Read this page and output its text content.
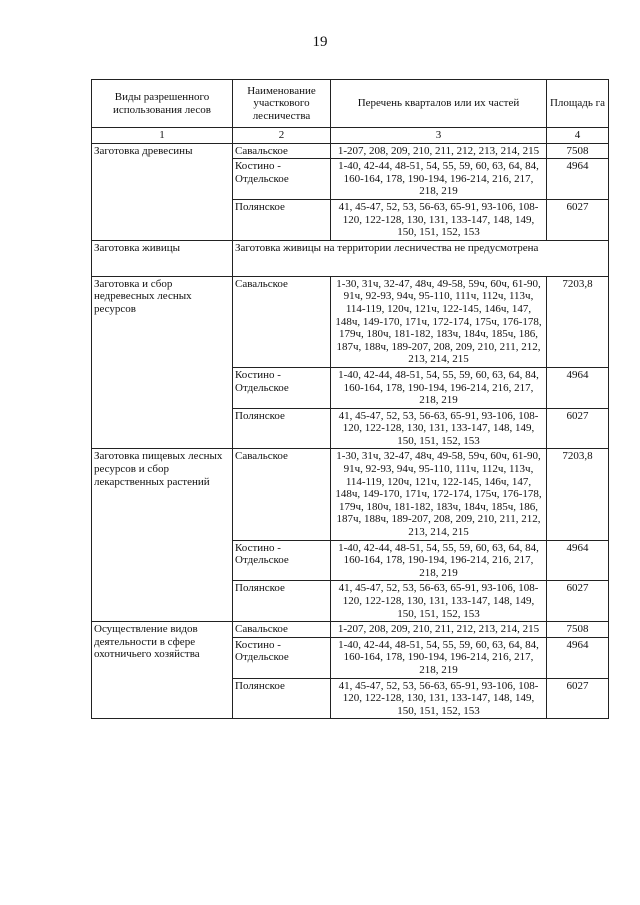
19
Виды разрешенного использования лесов	Наименование участкового лесничества	Перечень кварталов или их частей	Площадь га
1	2	3	4
Заготовка древесины	Савальское	1-207, 208, 209, 210, 211, 212, 213, 214, 215	7508
	Костино - Отдельское	1-40, 42-44, 48-51, 54, 55, 59, 60, 63, 64, 84, 160-164, 178, 190-194, 196-214, 216, 217, 218, 219	4964
	Полянское	41, 45-47, 52, 53, 56-63, 65-91, 93-106, 108-120, 122-128, 130, 131, 133-147, 148, 149, 150, 151, 152, 153	6027
Заготовка живицы	Заготовка живицы на территории лесничества не предусмотрена		
Заготовка и сбор недревесных лесных ресурсов	Савальское	1-30, 31ч, 32-47, 48ч, 49-58, 59ч, 60ч, 61-90, 91ч, 92-93, 94ч, 95-110, 111ч, 112ч, 113ч, 114-119, 120ч, 121ч, 122-145, 146ч, 147, 148ч, 149-170, 171ч, 172-174, 175ч, 176-178, 179ч, 180ч, 181-182, 183ч, 184ч, 185ч, 186, 187ч, 188ч, 189-207, 208, 209, 210, 211, 212, 213, 214, 215	7203,8
	Костино - Отдельское	1-40, 42-44, 48-51, 54, 55, 59, 60, 63, 64, 84, 160-164, 178, 190-194, 196-214, 216, 217, 218, 219	4964
	Полянское	41, 45-47, 52, 53, 56-63, 65-91, 93-106, 108-120, 122-128, 130, 131, 133-147, 148, 149, 150, 151, 152, 153	6027
Заготовка пищевых лесных ресурсов и сбор лекарственных растений	Савальское	1-30, 31ч, 32-47, 48ч, 49-58, 59ч, 60ч, 61-90, 91ч, 92-93, 94ч, 95-110, 111ч, 112ч, 113ч, 114-119, 120ч, 121ч, 122-145, 146ч, 147, 148ч, 149-170, 171ч, 172-174, 175ч, 176-178, 179ч, 180ч, 181-182, 183ч, 184ч, 185ч, 186, 187ч, 188ч, 189-207, 208, 209, 210, 211, 212, 213, 214, 215	7203,8
	Костино - Отдельское	1-40, 42-44, 48-51, 54, 55, 59, 60, 63, 64, 84, 160-164, 178, 190-194, 196-214, 216, 217, 218, 219	4964
	Полянское	41, 45-47, 52, 53, 56-63, 65-91, 93-106, 108-120, 122-128, 130, 131, 133-147, 148, 149, 150, 151, 152, 153	6027
Осуществление видов деятельности в сфере охотничьего хозяйства	Савальское	1-207, 208, 209, 210, 211, 212, 213, 214, 215	7508
	Костино - Отдельское	1-40, 42-44, 48-51, 54, 55, 59, 60, 63, 64, 84, 160-164, 178, 190-194, 196-214, 216, 217, 218, 219	4964
	Полянское	41, 45-47, 52, 53, 56-63, 65-91, 93-106, 108-120, 122-128, 130, 131, 133-147, 148, 149, 150, 151, 152, 153	6027
